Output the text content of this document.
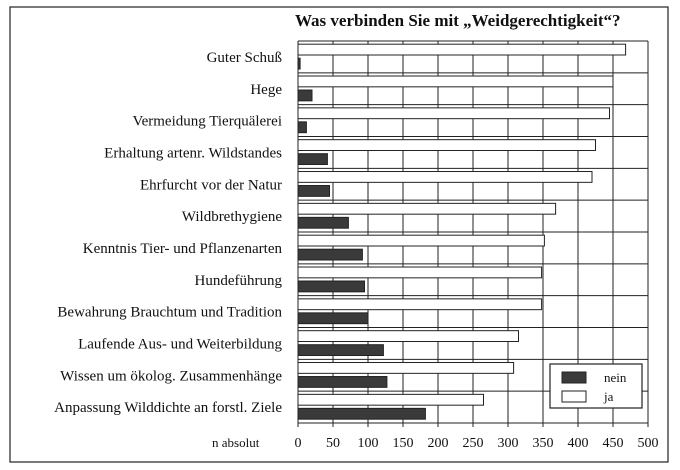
Was verbinden Sie mit „Weidgerechtigkeit“?
Guter Schuß
Hege
Vermeidung Tierquälerei
Erhaltung artenr. Wildstandes
Ehrfurcht vor der Natur
Wildbrethygiene
Kenntnis Tier- und Pflanzenarten
Hundeführung
Bewahrung Brauchtum und Tradition
Laufende Aus- und Weiterbildung
Wissen um ökolog. Zusammenhänge
Anpassung Wilddichte an forstl. Ziele
0 50 100 150 200 250 300 350 400 450 500
n absolut
nein
ja
